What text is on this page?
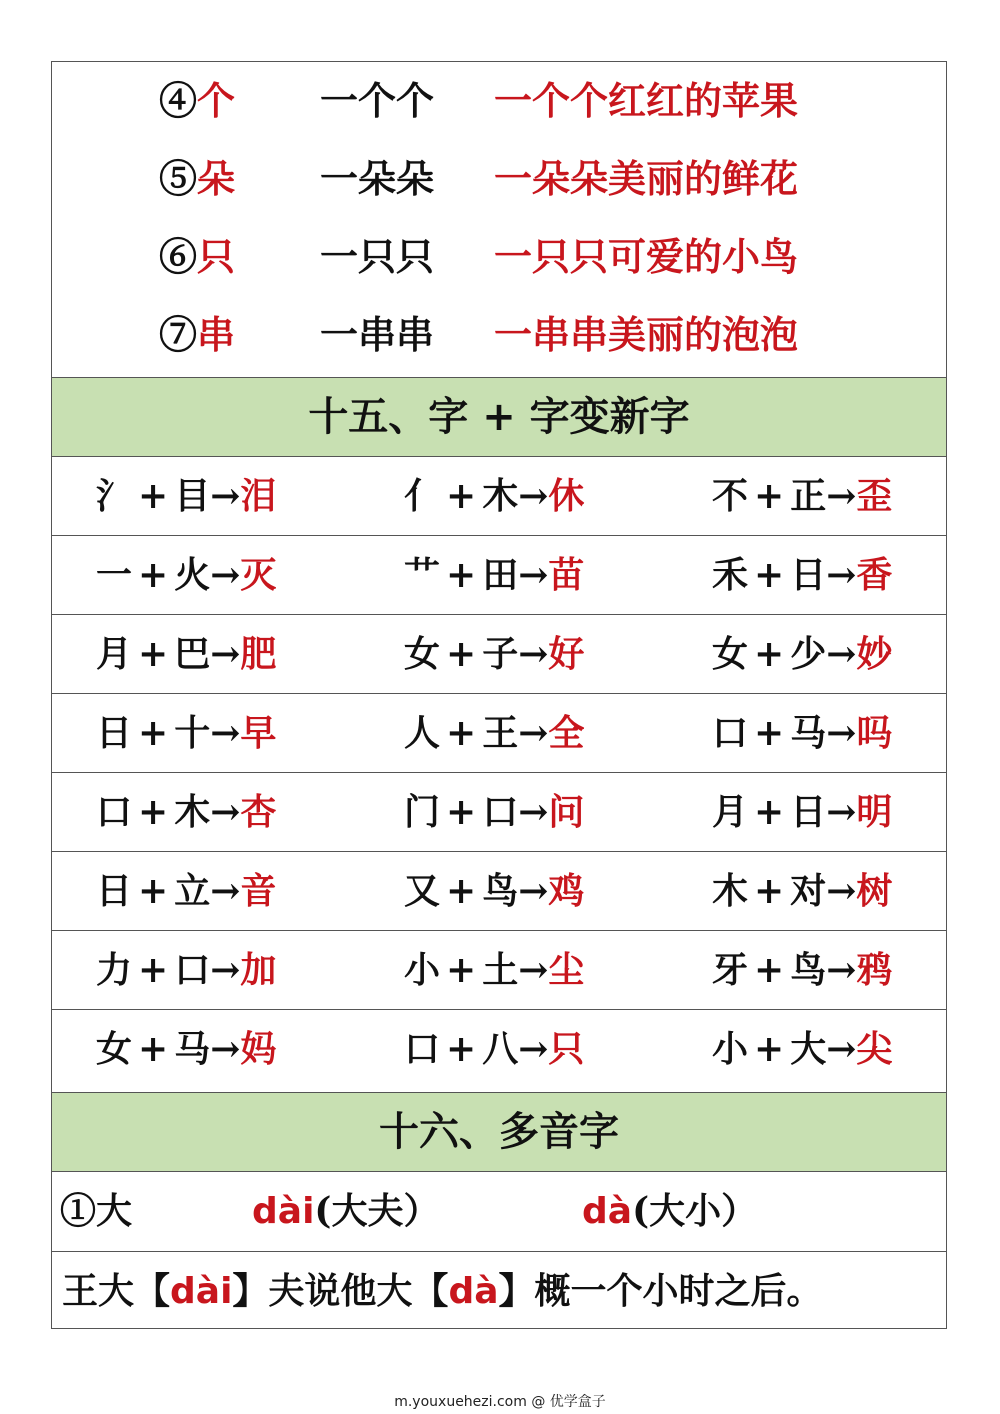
④个 一个个 一个个红红的苹果
⑤朵 一朵朵 一朵朵美丽的鲜花
⑥只 一只只 一只只可爱的小鸟
⑦串 一串串 一串串美丽的泡泡
十五、字 + 字变新字
氵 + 目→泪	亻 + 木→休	不 + 正→歪
一 + 火→灭	艹 + 田→苗	禾 + 日→香
月 + 巴→肥	女 + 子→好	女 + 少→妙
日 + 十→早	人 + 王→全	口 + 马→吗
口 + 木→杏	门 + 口→问	月 + 日→明
日 + 立→音	又 + 鸟→鸡	木 + 对→树
力 + 口→加	小 + 土→尘	牙 + 鸟→鸦
女 + 马→妈	口 + 八→只	小 + 大→尖
十六、多音字
①大	dài(大夫）	dà(大小）
王大【dài】夫说他大【dà】概一个小时之后。
m.youxuehezi.com @ 优学盒子
